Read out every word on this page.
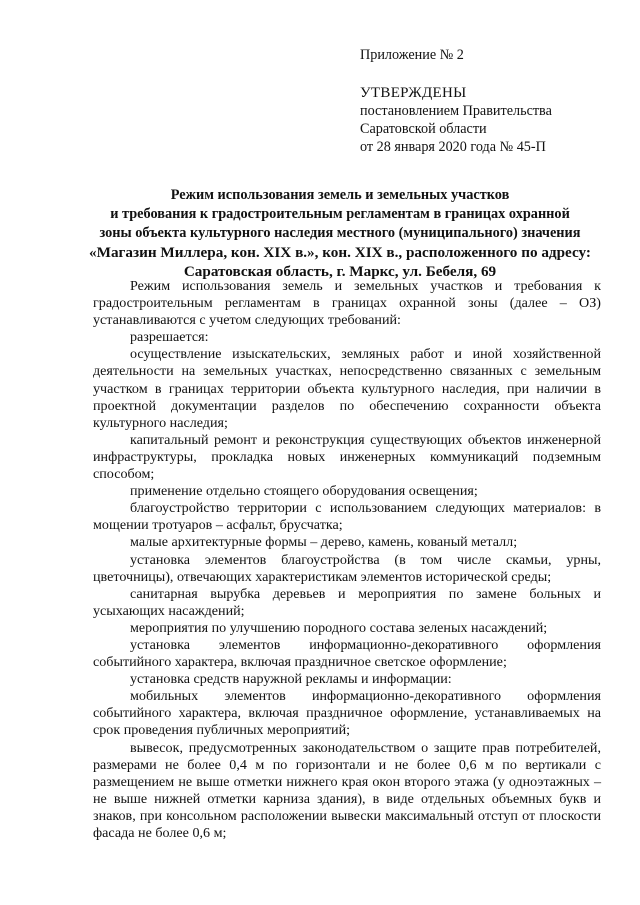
Приложение № 2
УТВЕРЖДЕНЫ
постановлением Правительства
Саратовской области
от 28 января 2020 года № 45-П
Режим использования земель и земельных участков
и требования к градостроительным регламентам в границах охранной
зоны объекта культурного наследия местного (муниципального) значения
«Магазин Миллера, кон. XIX в.», кон. XIX в., расположенного по адресу:
Саратовская область, г. Маркс, ул. Бебеля, 69

Режим использования земель и земельных участков и требования к градостроительным регламентам в границах охранной зоны (далее – ОЗ) устанавливаются с учетом следующих требований:

разрешается:

осуществление изыскательских, земляных работ и иной хозяйственной деятельности на земельных участках, непосредственно связанных с земельным участком в границах территории объекта культурного наследия, при наличии в проектной документации разделов по обеспечению сохранности объекта культурного наследия;

капитальный ремонт и реконструкция существующих объектов инженерной инфраструктуры, прокладка новых инженерных коммуникаций подземным способом;

применение отдельно стоящего оборудования освещения;

благоустройство территории с использованием следующих материалов: в мощении тротуаров – асфальт, брусчатка;

малые архитектурные формы – дерево, камень, кованый металл;

установка элементов благоустройства (в том числе скамьи, урны, цветочницы), отвечающих характеристикам элементов исторической среды;

санитарная вырубка деревьев и мероприятия по замене больных и усыхающих насаждений;

мероприятия по улучшению породного состава зеленых насаждений;

установка элементов информационно-декоративного оформления событийного характера, включая праздничное светское оформление;

установка средств наружной рекламы и информации:

мобильных элементов информационно-декоративного оформления событийного характера, включая праздничное оформление, устанавливаемых на срок проведения публичных мероприятий;

вывесок, предусмотренных законодательством о защите прав потребителей, размерами не более 0,4 м по горизонтали и не более 0,6 м по вертикали с размещением не выше отметки нижнего края окон второго этажа (у одноэтажных – не выше нижней отметки карниза здания), в виде отдельных объемных букв и знаков, при консольном расположении вывески максимальный отступ от плоскости фасада не более 0,6 м;
